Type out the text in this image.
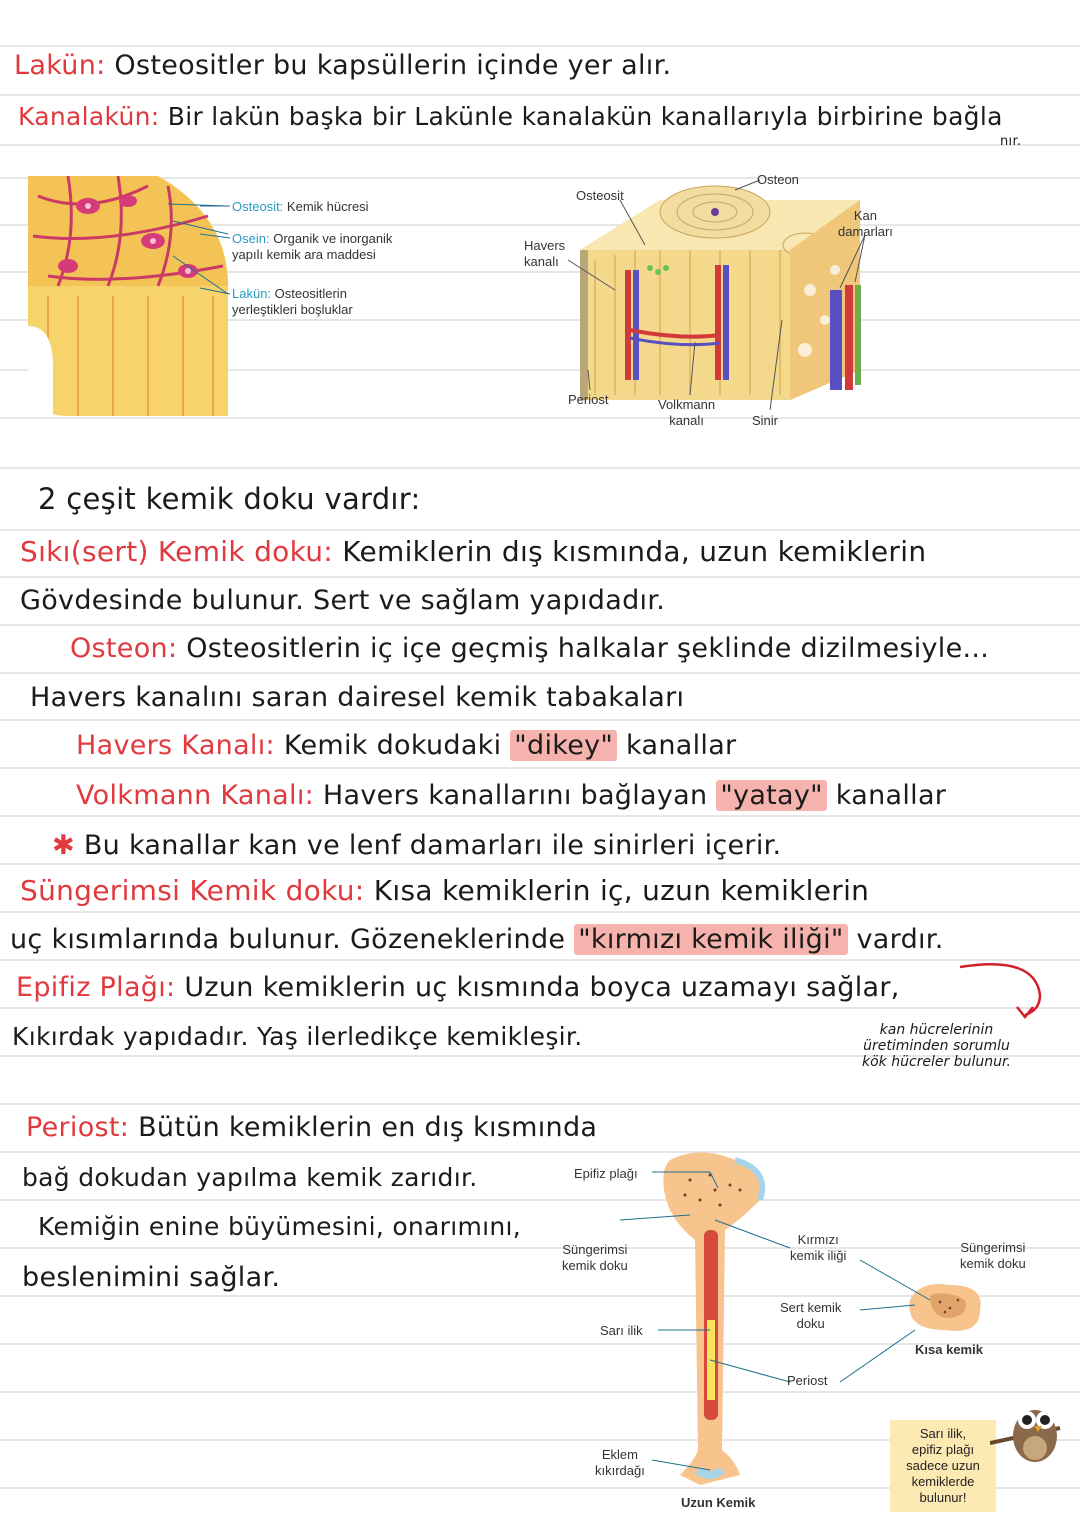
Lakün: Osteositler bu kapsüllerin içinde yer alır.
Kanalakün: Bir lakün başka bir Lakünle kanalakün kanallarıyla birbirine bağla
nır.
Osteosit: Kemik hücresi
Osein: Organik ve inorganik
yapılı kemik ara maddesi
Lakün: Osteositlerin
yerleştikleri boşluklar
Osteon
Osteosit
Havers
kanalı
Kan
damarları
Periost	Volkmann
kanalı	Sinir
2 çeşit kemik doku vardır:
Sıkı(sert) Kemik doku: Kemiklerin dış kısmında, uzun kemiklerin
Gövdesinde bulunur. Sert ve sağlam yapıdadır.
Osteon: Osteositlerin iç içe geçmiş halkalar şeklinde dizilmesiyle...
Havers kanalını saran dairesel kemik tabakaları
Havers Kanalı: Kemik dokudaki "dikey" kanallar
Volkmann Kanalı: Havers kanallarını bağlayan "yatay" kanallar
✱ Bu kanallar kan ve lenf damarları ile sinirleri içerir.
Süngerimsi Kemik doku: Kısa kemiklerin iç, uzun kemiklerin
uç kısımlarında bulunur. Gözeneklerinde "kırmızı kemik iliği" vardır.
Epifiz Plağı: Uzun kemiklerin uç kısmında boyca uzamayı sağlar,
Kıkırdak yapıdadır. Yaş ilerledikçe kemikleşir.	kan hücrelerinin
üretiminden sorumlu
kök hücreler bulunur.
Periost: Bütün kemiklerin en dış kısmında
bağ dokudan yapılma kemik zarıdır.
Kemiğin enine büyümesini, onarımını,
beslenimini sağlar.
Epifiz plağı
Süngerimsi
kemik doku
Kırmızı
kemik iliği
Süngerimsi
kemik doku
Sert kemik
doku
Kısa kemik
Sarı ilik
Periost
Eklem
kıkırdağı
Uzun Kemik
Sarı ilik,
epifiz plağı
sadece uzun
kemiklerde
bulunur!
